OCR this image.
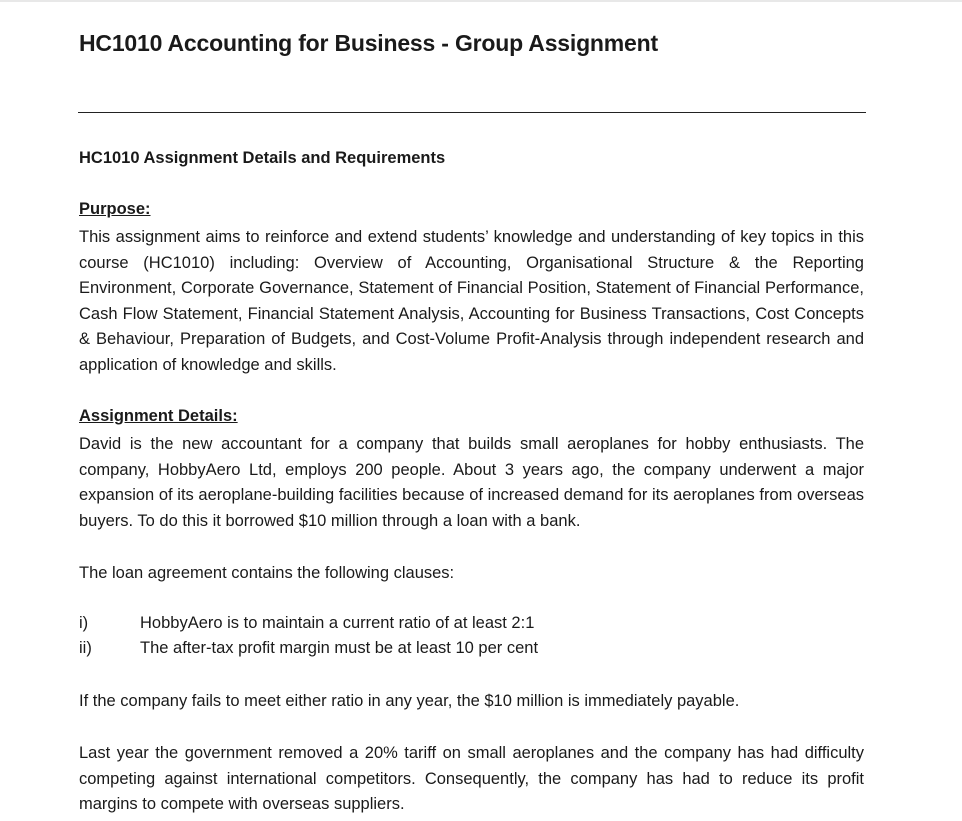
HC1010 Accounting for Business - Group Assignment
HC1010 Assignment Details and Requirements
Purpose:

This assignment aims to reinforce and extend students’ knowledge and understanding of key topics in this course (HC1010) including: Overview of Accounting, Organisational Structure & the Reporting Environment, Corporate Governance, Statement of Financial Position, Statement of Financial Performance, Cash Flow Statement, Financial Statement Analysis, Accounting for Business Transactions, Cost Concepts & Behaviour, Preparation of Budgets, and Cost-Volume Profit-Analysis through independent research and application of knowledge and skills.

Assignment Details:

David is the new accountant for a company that builds small aeroplanes for hobby enthusiasts. The company, HobbyAero Ltd, employs 200 people. About 3 years ago, the company underwent a major expansion of its aeroplane-building facilities because of increased demand for its aeroplanes from overseas buyers. To do this it borrowed $10 million through a loan with a bank.

The loan agreement contains the following clauses:

i)	HobbyAero is to maintain a current ratio of at least 2:1
ii)	The after-tax profit margin must be at least 10 per cent

If the company fails to meet either ratio in any year, the $10 million is immediately payable.

Last year the government removed a 20% tariff on small aeroplanes and the company has had difficulty competing against international competitors. Consequently, the company has had to reduce its profit margins to compete with overseas suppliers.
